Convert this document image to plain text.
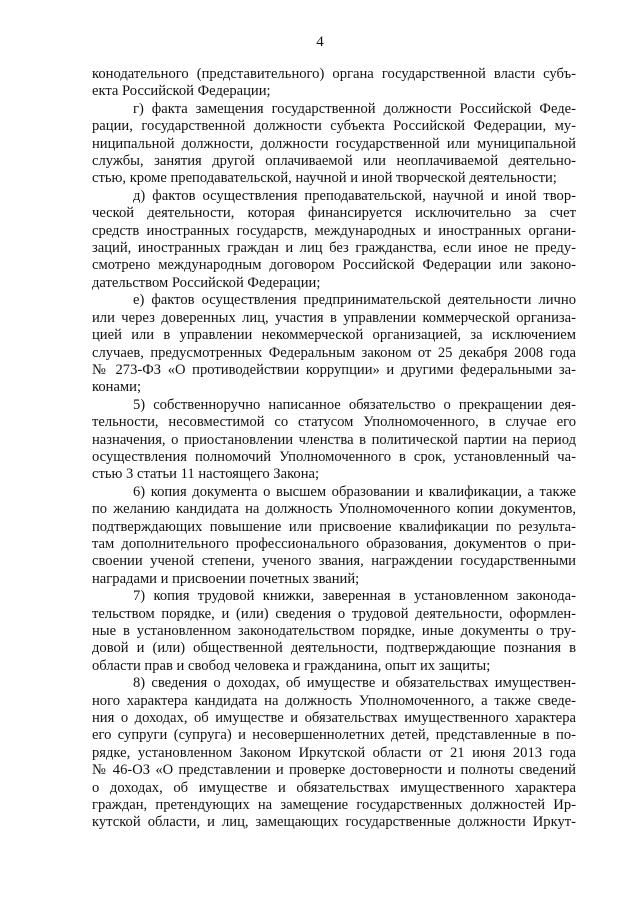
4
конодательного (представительного) органа государственной власти субъ-
екта Российской Федерации;
г) факта замещения государственной должности Российской Феде-
рации, государственной должности субъекта Российской Федерации, му-
ниципальной должности, должности государственной или муниципальной
службы, занятия другой оплачиваемой или неоплачиваемой деятельно-
стью, кроме преподавательской, научной и иной творческой деятельности;
д) фактов осуществления преподавательской, научной и иной твор-
ческой деятельности, которая финансируется исключительно за счет
средств иностранных государств, международных и иностранных органи-
заций, иностранных граждан и лиц без гражданства, если иное не преду-
смотрено международным договором Российской Федерации или законо-
дательством Российской Федерации;
е) фактов осуществления предпринимательской деятельности лично
или через доверенных лиц, участия в управлении коммерческой организа-
цией или в управлении некоммерческой организацией, за исключением
случаев, предусмотренных Федеральным законом от 25 декабря 2008 года
№ 273-ФЗ «О противодействии коррупции» и другими федеральными за-
конами;
5) собственноручно написанное обязательство о прекращении дея-
тельности, несовместимой со статусом Уполномоченного, в случае его
назначения, о приостановлении членства в политической партии на период
осуществления полномочий Уполномоченного в срок, установленный ча-
стью 3 статьи 11 настоящего Закона;
6) копия документа о высшем образовании и квалификации, а также
по желанию кандидата на должность Уполномоченного копии документов,
подтверждающих повышение или присвоение квалификации по результа-
там дополнительного профессионального образования, документов о при-
своении ученой степени, ученого звания, награждении государственными
наградами и присвоении почетных званий;
7) копия трудовой книжки, заверенная в установленном законода-
тельством порядке, и (или) сведения о трудовой деятельности, оформлен-
ные в установленном законодательством порядке, иные документы о тру-
довой и (или) общественной деятельности, подтверждающие познания в
области прав и свобод человека и гражданина, опыт их защиты;
8) сведения о доходах, об имуществе и обязательствах имуществен-
ного характера кандидата на должность Уполномоченного, а также сведе-
ния о доходах, об имуществе и обязательствах имущественного характера
его супруги (супруга) и несовершеннолетних детей, представленные в по-
рядке, установленном Законом Иркутской области от 21 июня 2013 года
№ 46-ОЗ «О представлении и проверке достоверности и полноты сведений
о доходах, об имуществе и обязательствах имущественного характера
граждан, претендующих на замещение государственных должностей Ир-
кутской области, и лиц, замещающих государственные должности Иркут-
